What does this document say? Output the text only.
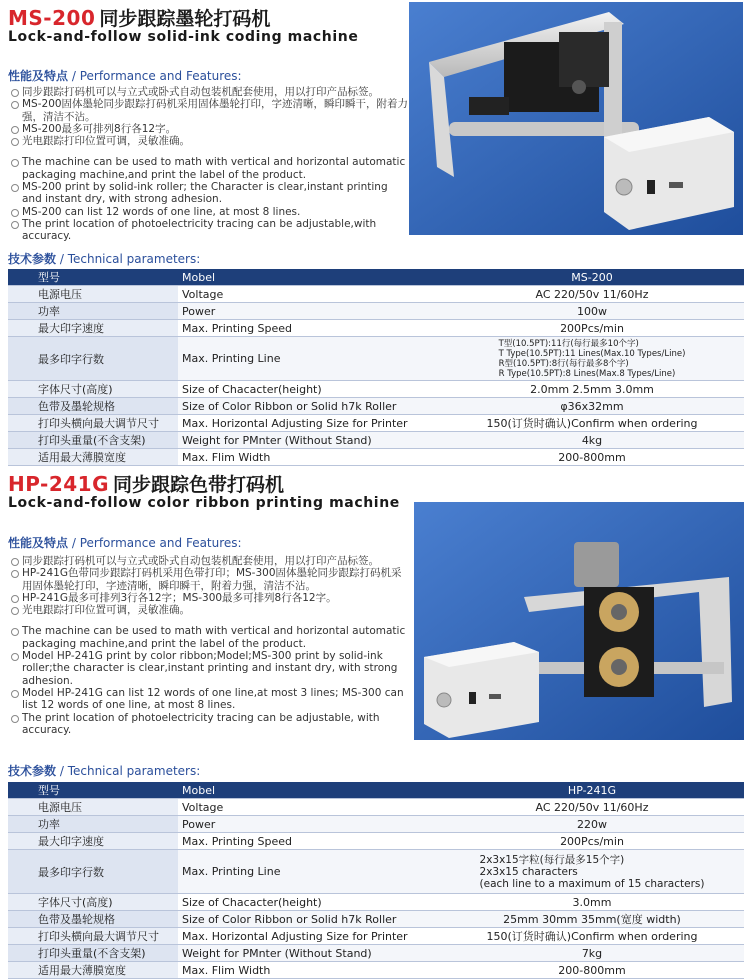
MS-200 同步跟踪墨轮打码机
Lock-and-follow solid-ink coding machine
性能及特点 / Performance and Features:
同步跟踪打码机可以与立式或卧式自动包装机配套使用，用以打印产品标签。
MS-200固体墨轮同步跟踪打码机采用固体墨轮打印，字迹清晰，瞬印瞬干，附着力强，清洁不沾。
MS-200最多可排列8行各12字。
光电跟踪打印位置可调，灵敏准确。
The machine can be used to math with vertical and horizontal automatic packaging machine,and print the label of the product.
MS-200 print by solid-ink roller; the Character is clear,instant printing and instant dry, with strong adhesion.
MS-200 can list 12 words of one line, at most 8 lines.
The print location of photoelectricity tracing can be adjustable,with accuracy.
技术参数 / Technical parameters:
型号	Mobel	MS-200
电源电压	Voltage	AC 220/50v 11/60Hz
功率	Power	100w
最大印字速度	Max. Printing Speed	200Pcs/min
最多印字行数	Max. Printing Line	T型(10.5PT):11行(每行最多10个字)
T Type(10.5PT):11 Lines(Max.10 Types/Line)
R型(10.5PT):8行(每行最多8个字)
R Type(10.5PT):8 Lines(Max.8 Types/Line)

字体尺寸(高度)	Size of Chacacter(height)	2.0mm 2.5mm 3.0mm
色带及墨轮规格	Size of Color Ribbon or Solid h7k Roller	φ36x32mm
打印头横向最大调节尺寸	Max. Horizontal Adjusting Size for Printer	150(订货时确认)Confirm when ordering
打印头重量(不含支架)	Weight for PMnter (Without Stand)	4kg
适用最大薄膜宽度	Max. Flim Width	200-800mm
HP-241G 同步跟踪色带打码机
Lock-and-follow color ribbon printing machine
性能及特点 / Performance and Features:
同步跟踪打码机可以与立式或卧式自动包装机配套使用，用以打印产品标签。
HP-241G色带同步跟踪打码机采用色带打印；MS-300固体墨轮同步跟踪打码机采用固体墨轮打印，字迹清晰，瞬印瞬干，附着力强，清洁不沾。
HP-241G最多可排列3行各12字；MS-300最多可排列8行各12字。
光电跟踪打印位置可调，灵敏准确。
The machine can be used to math with vertical and horizontal automatic packaging machine,and print the label of the product.
Model HP-241G print by color ribbon;Model;MS-300 print by solid-ink roller;the character is clear,instant printing and instant dry, with strong adhesion.
Model HP-241G can list 12 words of one line,at most 3 lines; MS-300 can list 12 words of one line, at most 8 lines.
The print location of photoelectricity tracing can be adjustable, with accuracy.
技术参数 / Technical parameters:
型号	Mobel	HP-241G
电源电压	Voltage	AC 220/50v 11/60Hz
功率	Power	220w
最大印字速度	Max. Printing Speed	200Pcs/min
最多印字行数	Max. Printing Line	2x3x15字粒(每行最多15个字)
2x3x15 characters
(each line to a maximum of 15 characters)

字体尺寸(高度)	Size of Chacacter(height)	3.0mm
色带及墨轮规格	Size of Color Ribbon or Solid h7k Roller	25mm 30mm 35mm(宽度 width)
打印头横向最大调节尺寸	Max. Horizontal Adjusting Size for Printer	150(订货时确认)Confirm when ordering
打印头重量(不含支架)	Weight for PMnter (Without Stand)	7kg
适用最大薄膜宽度	Max. Flim Width	200-800mm
